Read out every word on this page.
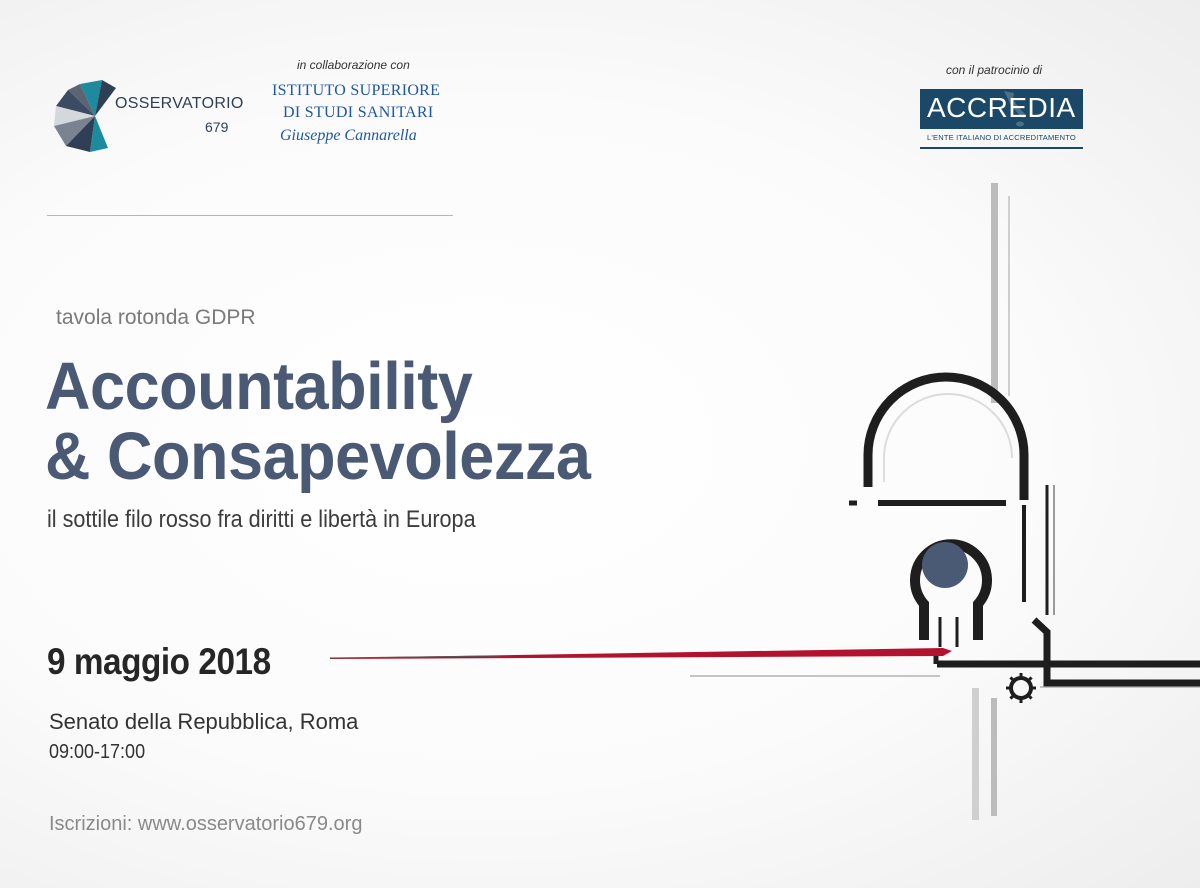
OSSERVATORIO
679
in collaborazione con
ISTITUTO SUPERIORE
DI STUDI SANITARI
Giuseppe Cannarella
con il patrocinio di
ACCREDIA
L'ENTE ITALIANO DI ACCREDITAMENTO
tavola rotonda GDPR
Accountability
& Consapevolezza
il sottile filo rosso fra diritti e libertà in Europa
9 maggio 2018
Senato della Repubblica, Roma
09:00-17:00
Iscrizioni: www.osservatorio679.org
